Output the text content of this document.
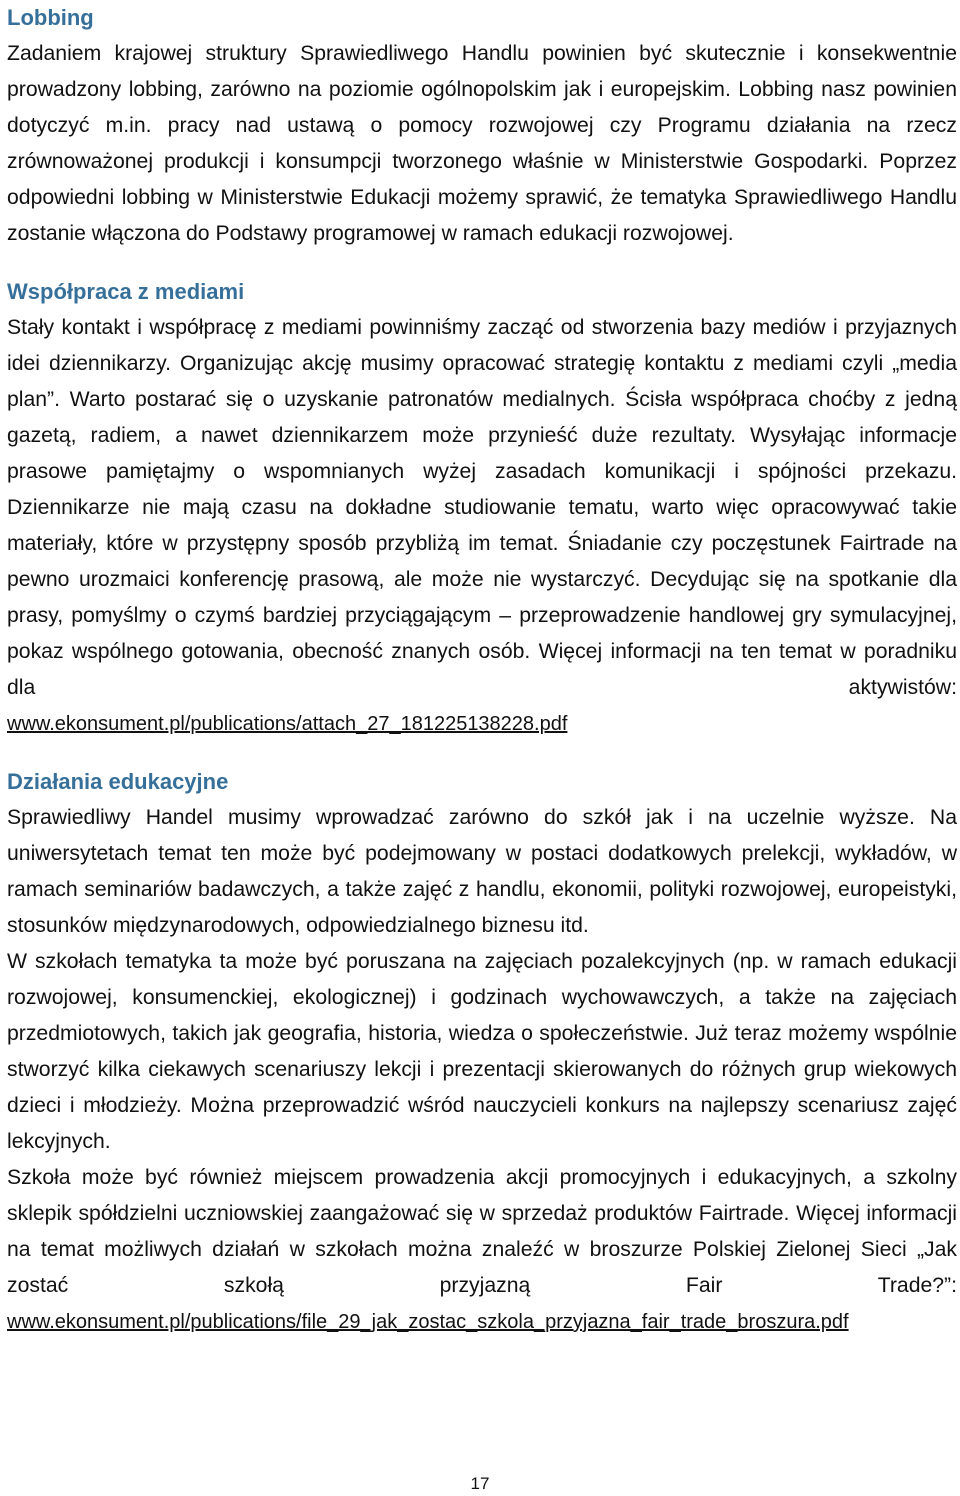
Lobbing

Zadaniem krajowej struktury Sprawiedliwego Handlu powinien być skutecznie i konsekwentnie prowadzony lobbing, zarówno na poziomie ogólnopolskim jak i europejskim. Lobbing nasz powinien dotyczyć m.in. pracy nad ustawą o pomocy rozwojowej czy Programu działania na rzecz zrównoważonej produkcji i konsumpcji tworzonego właśnie w Ministerstwie Gospodarki. Poprzez odpowiedni lobbing w Ministerstwie Edukacji możemy sprawić, że tematyka Sprawiedliwego Handlu zostanie włączona do Podstawy programowej w ramach edukacji rozwojowej.

Współpraca z mediami

Stały kontakt i współpracę z mediami powinniśmy zacząć od stworzenia bazy mediów i przyjaznych idei dziennikarzy. Organizując akcję musimy opracować strategię kontaktu z mediami czyli „media plan”. Warto postarać się o uzyskanie patronatów medialnych. Ścisła współpraca choćby z jedną gazetą, radiem, a nawet dziennikarzem może przynieść duże rezultaty. Wysyłając informacje prasowe pamiętajmy o wspomnianych wyżej zasadach komunikacji i spójności przekazu. Dziennikarze nie mają czasu na dokładne studiowanie tematu, warto więc opracowywać takie materiały, które w przystępny sposób przybliżą im temat. Śniadanie czy poczęstunek Fairtrade na pewno urozmaici konferencję prasową, ale może nie wystarczyć. Decydując się na spotkanie dla prasy, pomyślmy o czymś bardziej przyciągającym – przeprowadzenie handlowej gry symulacyjnej, pokaz wspólnego gotowania, obecność znanych osób. Więcej informacji na ten temat w poradniku dla aktywistów:

www.ekonsument.pl/publications/attach_27_181225138228.pdf
Działania edukacyjne

Sprawiedliwy Handel musimy wprowadzać zarówno do szkół jak i na uczelnie wyższe. Na uniwersytetach temat ten może być podejmowany w postaci dodatkowych prelekcji, wykładów, w ramach seminariów badawczych, a także zajęć z handlu, ekonomii, polityki rozwojowej, europeistyki, stosunków międzynarodowych, odpowiedzialnego biznesu itd.

W szkołach tematyka ta może być poruszana na zajęciach pozalekcyjnych (np. w ramach edukacji rozwojowej, konsumenckiej, ekologicznej) i godzinach wychowawczych, a także na zajęciach przedmiotowych, takich jak geografia, historia, wiedza o społeczeństwie. Już teraz możemy wspólnie stworzyć kilka ciekawych scenariuszy lekcji i prezentacji skierowanych do różnych grup wiekowych dzieci i młodzieży. Można przeprowadzić wśród nauczycieli konkurs na najlepszy scenariusz zajęć lekcyjnych.

Szkoła może być również miejscem prowadzenia akcji promocyjnych i edukacyjnych, a szkolny sklepik spółdzielni uczniowskiej zaangażować się w sprzedaż produktów Fairtrade. Więcej informacji na temat możliwych działań w szkołach można znaleźć w broszurze Polskiej Zielonej Sieci „Jak zostać szkołą przyjazną Fair Trade?”:

www.ekonsument.pl/publications/file_29_jak_zostac_szkola_przyjazna_fair_trade_broszura.pdf
17
